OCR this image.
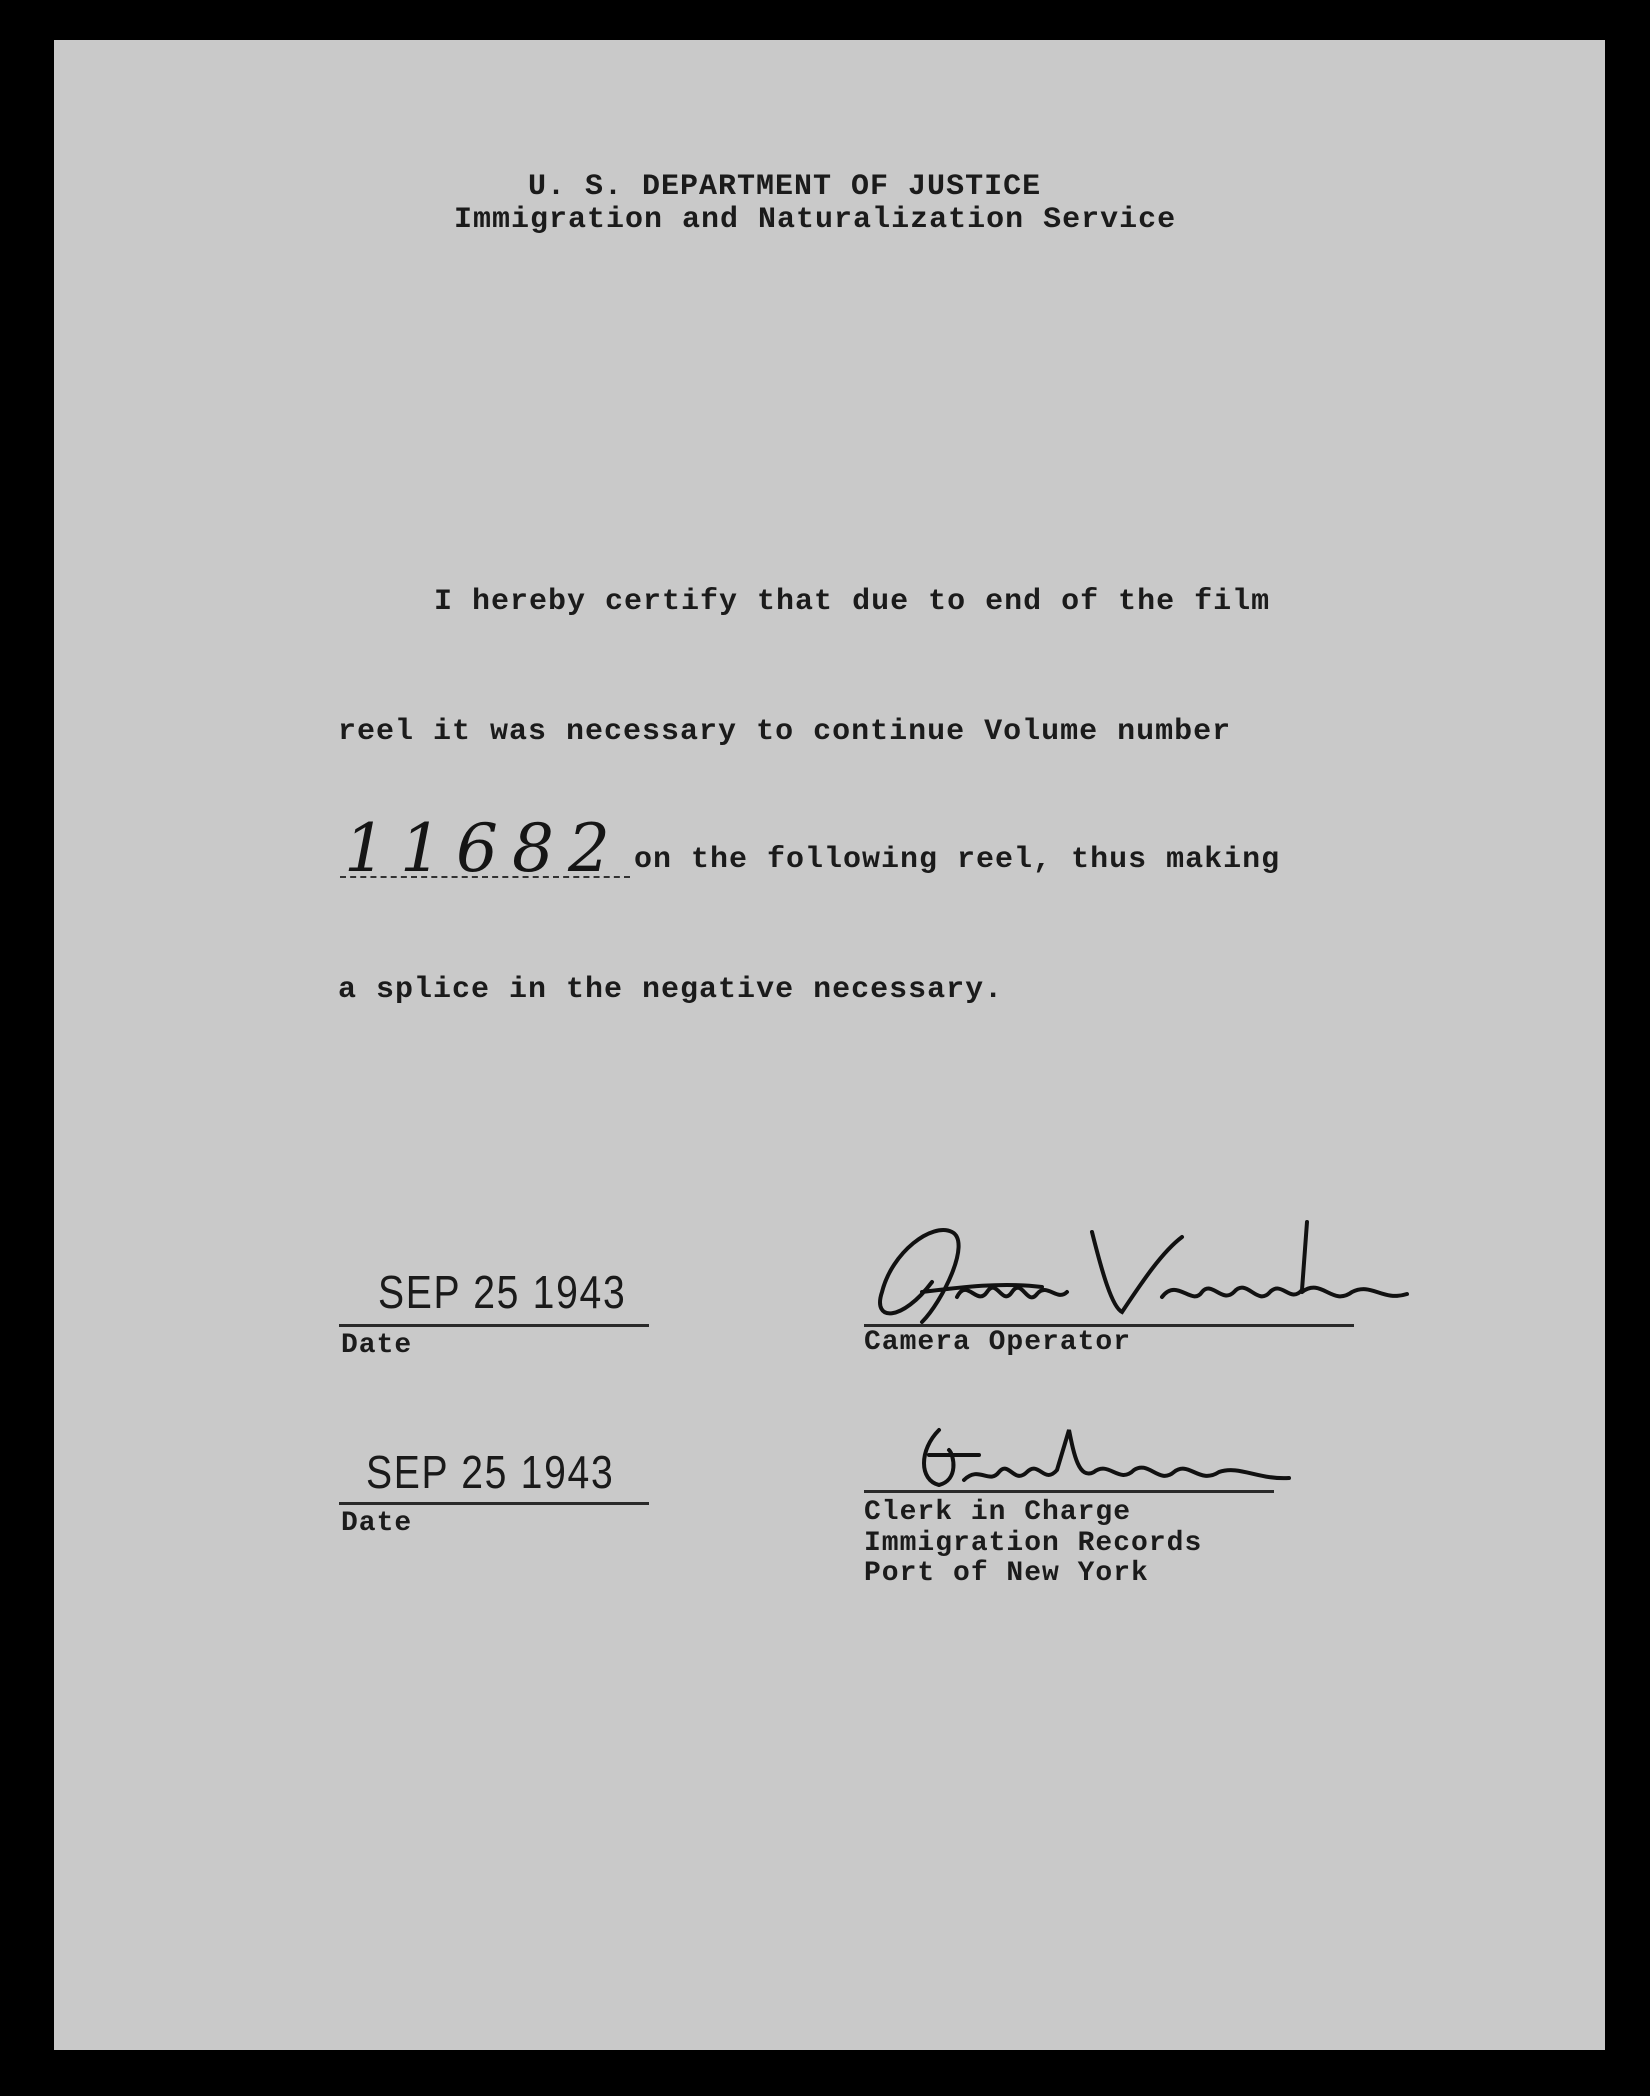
U. S. DEPARTMENT OF JUSTICE
Immigration and Naturalization Service
I hereby certify that due to end of the film
reel it was necessary to continue Volume number
11682 on the following reel, thus making
a splice in the negative necessary.
SEP 25 1943
Date
SEP 25 1943
Date
Camera Operator
Clerk in Charge
Immigration Records
Port of New York
